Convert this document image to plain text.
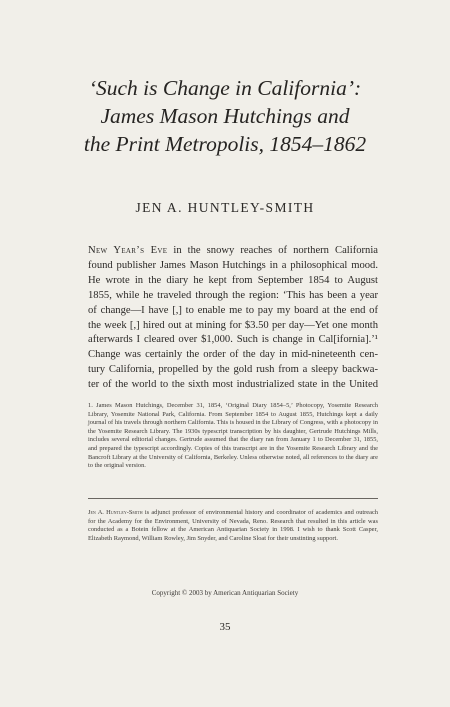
‘Such is Change in California’:
James Mason Hutchings and
the Print Metropolis, 1854–1862
JEN A. HUNTLEY-SMITH
New Year’s Eve in the snowy reaches of northern California
found publisher James Mason Hutchings in a philosophical mood.
He wrote in the diary he kept from September 1854 to August
1855, while he traveled through the region: ‘This has been a year
of change—I have [,] to enable me to pay my board at the end of
the week [,] hired out at mining for $3.50 per day—Yet one month
afterwards I cleared over $1,000. Such is change in Cal[ifornia].’¹
Change was certainly the order of the day in mid-nineteenth cen-
tury California, propelled by the gold rush from a sleepy backwa-
ter of the world to the sixth most industrialized state in the United
1. James Mason Hutchings, December 31, 1854, ‘Original Diary 1854–5,’ Photocopy, Yosemite Research Library, Yosemite National Park, California. From September 1854 to August 1855, Hutchings kept a daily journal of his travels through northern California. This is housed in the Library of Congress, with a photocopy in the Yosemite Research Library. The 1930s typescript transcription by his daughter, Gertrude Hutchings Mills, includes several editorial changes. Gertrude assumed that the diary ran from January 1 to December 31, 1855, and prepared the typescript accordingly. Copies of this transcript are in the Yosemite Research Library and the Bancroft Library at the University of California, Berkeley. Unless otherwise noted, all references to the diary are to the original version.
Jen A. Huntley-Smith is adjunct professor of environmental history and coordinator of academics and outreach for the Academy for the Environment, University of Nevada, Reno. Research that resulted in this article was conducted as a Botein fellow at the American Antiquarian Society in 1998. I wish to thank Scott Casper, Elizabeth Raymond, William Rowley, Jim Snyder, and Caroline Sloat for their unstinting support.
Copyright © 2003 by American Antiquarian Society
35
